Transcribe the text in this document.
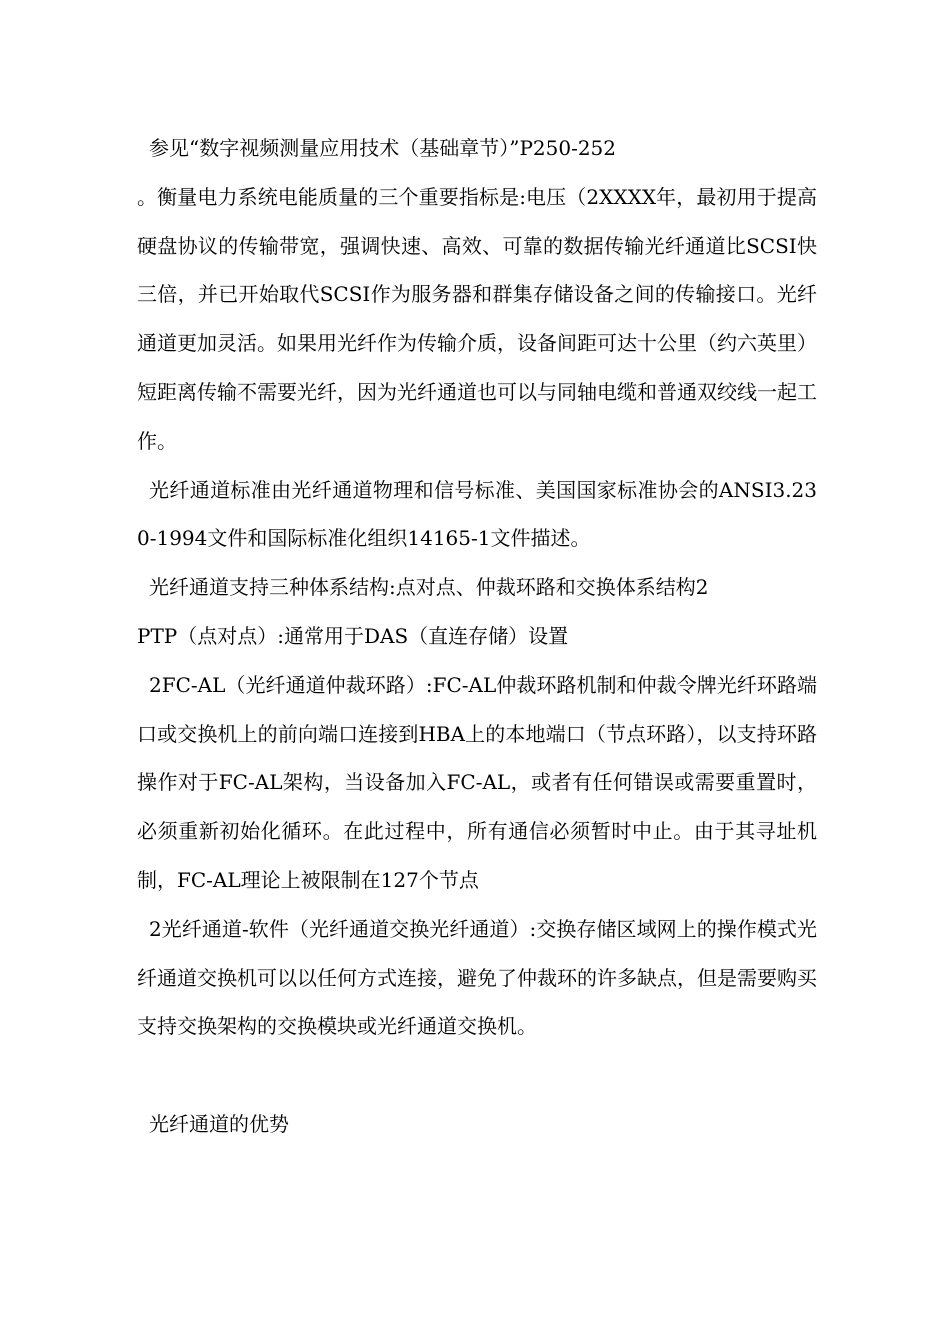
参见“数字视频测量应用技术（基础章节）”P250-252

。衡量电力系统电能质量的三个重要指标是:电压（2XXXX年，最初用于提高硬盘协议的传输带宽，强调快速、高效、可靠的数据传输光纤通道比SCSI快三倍，并已开始取代SCSI作为服务器和群集存储设备之间的传输接口。光纤通道更加灵活。如果用光纤作为传输介质，设备间距可达十公里（约六英里）短距离传输不需要光纤，因为光纤通道也可以与同轴电缆和普通双绞线一起工作。

光纤通道标准由光纤通道物理和信号标准、美国国家标准协会的ANSI3.230-1994文件和国际标准化组织14165-1文件描述。

光纤通道支持三种体系结构:点对点、仲裁环路和交换体系结构2

PTP（点对点）:通常用于DAS（直连存储）设置

2FC-AL（光纤通道仲裁环路）:FC-AL仲裁环路机制和仲裁令牌光纤环路端口或交换机上的前向端口连接到HBA上的本地端口（节点环路），以支持环路操作对于FC-AL架构，当设备加入FC-AL，或者有任何错误或需要重置时，必须重新初始化循环。在此过程中，所有通信必须暂时中止。由于其寻址机制，FC-AL理论上被限制在127个节点

2光纤通道-软件（光纤通道交换光纤通道）:交换存储区域网上的操作模式光纤通道交换机可以以任何方式连接，避免了仲裁环的许多缺点，但是需要购买支持交换架构的交换模块或光纤通道交换机。

光纤通道的优势
